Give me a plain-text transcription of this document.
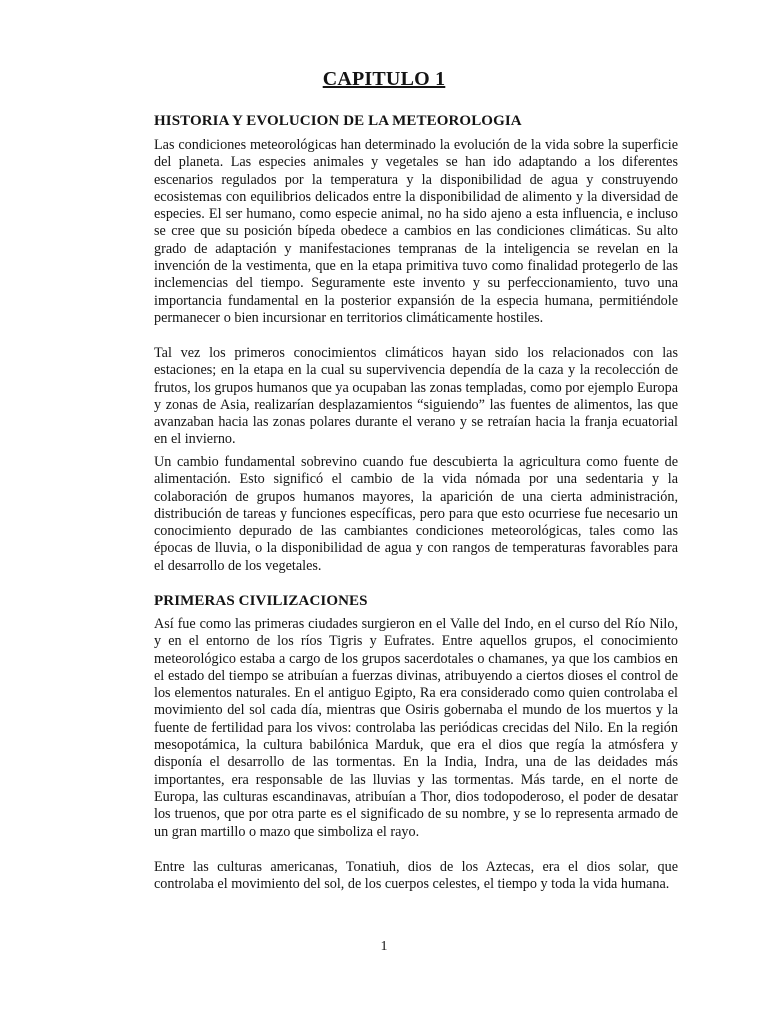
CAPITULO 1
HISTORIA Y EVOLUCION DE LA METEOROLOGIA

Las condiciones meteorológicas han determinado la evolución de la vida sobre la superficie del planeta. Las especies animales y vegetales se han ido adaptando a los diferentes escenarios regulados por la temperatura y la disponibilidad de agua y construyendo ecosistemas con equilibrios delicados entre la disponibilidad de alimento y la diversidad de especies. El ser humano, como especie animal, no ha sido ajeno a esta influencia, e incluso se cree que su posición bípeda obedece a cambios en las condiciones climáticas. Su alto grado de adaptación y manifestaciones tempranas de la inteligencia se revelan en la invención de la vestimenta, que en la etapa primitiva tuvo como finalidad protegerlo de las inclemencias del tiempo. Seguramente este invento y su perfeccionamiento, tuvo una importancia fundamental en la posterior expansión de la especia humana, permitiéndole permanecer o bien incursionar en territorios climáticamente hostiles.

Tal vez los primeros conocimientos climáticos hayan sido los relacionados con las estaciones; en la etapa en la cual su supervivencia dependía de la caza y la recolección de frutos, los grupos humanos que ya ocupaban las zonas templadas, como por ejemplo Europa y zonas de Asia, realizarían desplazamientos “siguiendo” las fuentes de alimentos, las que avanzaban hacia las zonas polares durante el verano y se retraían hacia la franja ecuatorial en el invierno.

Un cambio fundamental sobrevino cuando fue descubierta la agricultura como fuente de alimentación. Esto significó el cambio de la vida nómada por una sedentaria y la colaboración de grupos humanos mayores, la aparición de una cierta administración, distribución de tareas y funciones específicas, pero para que esto ocurriese fue necesario un conocimiento depurado de las cambiantes condiciones meteorológicas, tales como las épocas de lluvia, o la disponibilidad de agua y con rangos de temperaturas favorables para el desarrollo de los vegetales.

PRIMERAS CIVILIZACIONES

Así fue como las primeras ciudades surgieron en el Valle del Indo, en el curso del Río Nilo, y en el entorno de los ríos Tigris y Eufrates. Entre aquellos grupos, el conocimiento meteorológico estaba a cargo de los grupos sacerdotales o chamanes, ya que los cambios en el estado del tiempo se atribuían a fuerzas divinas, atribuyendo a ciertos dioses el control de los elementos naturales. En el antiguo Egipto, Ra era considerado como quien controlaba el movimiento del sol cada día, mientras que Osiris gobernaba el mundo de los muertos y la fuente de fertilidad para los vivos: controlaba las periódicas crecidas del Nilo. En la región mesopotámica, la cultura babilónica Marduk, que era el dios que regía la atmósfera y disponía el desarrollo de las tormentas. En la India, Indra, una de las deidades más importantes, era responsable de las lluvias y las tormentas. Más tarde, en el norte de Europa, las culturas escandinavas, atribuían a Thor, dios todopoderoso, el poder de desatar los truenos, que por otra parte es el significado de su nombre, y se lo representa armado de un gran martillo o mazo que simboliza el rayo.

Entre las culturas americanas, Tonatiuh, dios de los Aztecas, era el dios solar, que controlaba el movimiento del sol, de los cuerpos celestes, el tiempo y toda la vida humana.

1
